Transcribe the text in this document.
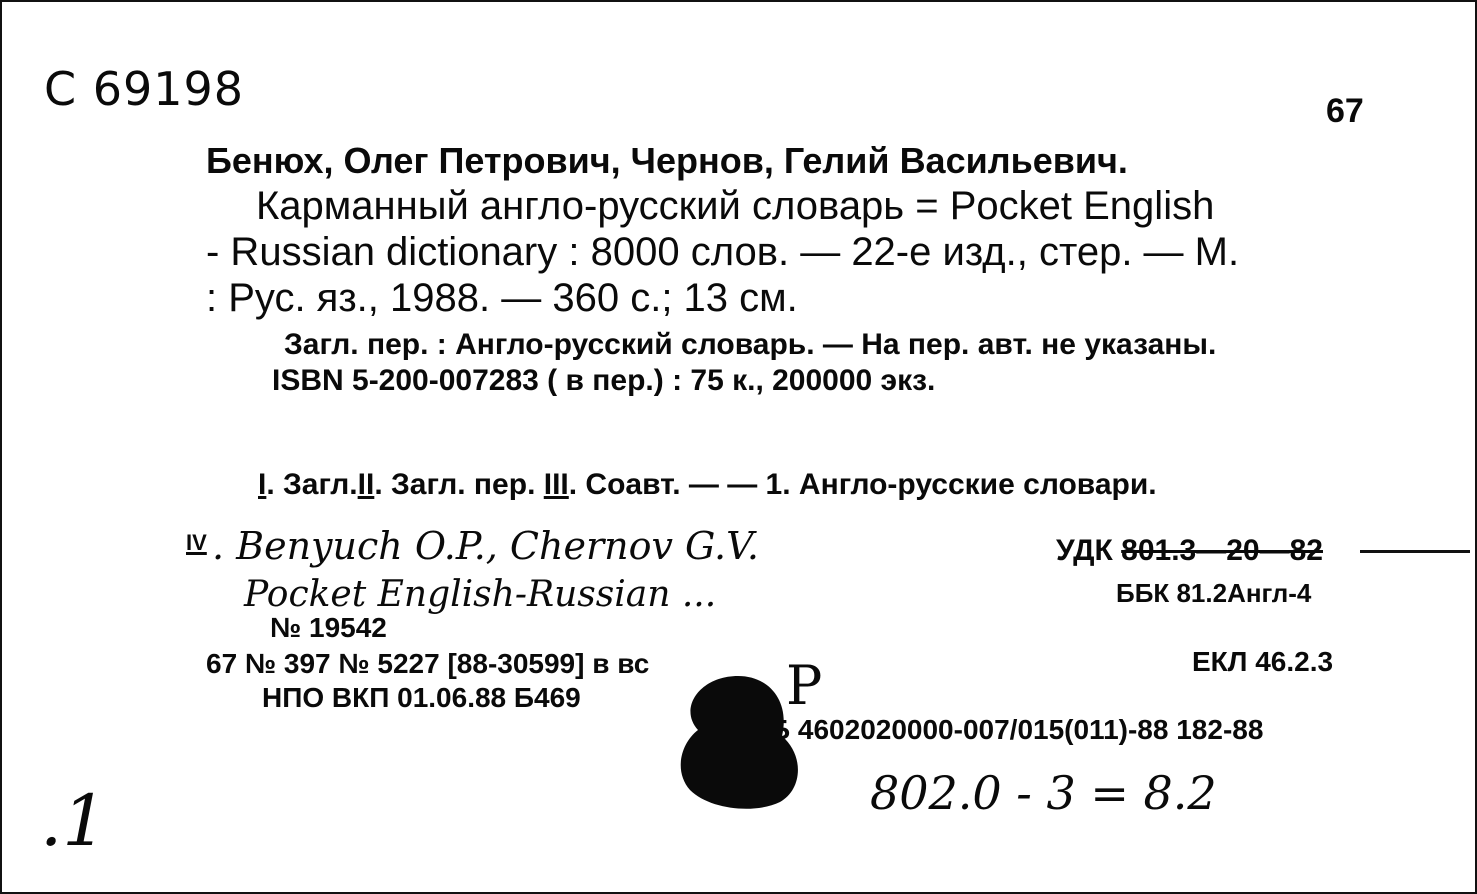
С 69198	67
Бенюх, Олег Петрович, Чернов, Гелий Васильевич.
Карманный англо-русский словарь = Pocket English
- Russian dictionary : 8000 слов. — 22-е изд., стер. — М.
: Рус. яз., 1988. — 360 с.; 13 см.
Загл. пер. : Англо-русский словарь. — На пер. авт. не указаны.
ISBN 5-200-007283 ( в пер.) : 75 к., 200000 экз.
I. Загл.II. Загл. пер. III. Соавт. — — 1. Англо-русские словари.
IV . Benyuch O.P., Chernov G.V.
Pocket English-Russian ...
УДК 801.3—20—82
ББК 81.2Англ-4
№ 19542
67 № 397 № 5227 [88-30599] в вс	P	ЕКЛ 46.2.3
НПО ВКП 01.06.88 Б469
Б 4602020000-007/015(011)-88 182-88
802.0 - 3 = 8.2
.1
